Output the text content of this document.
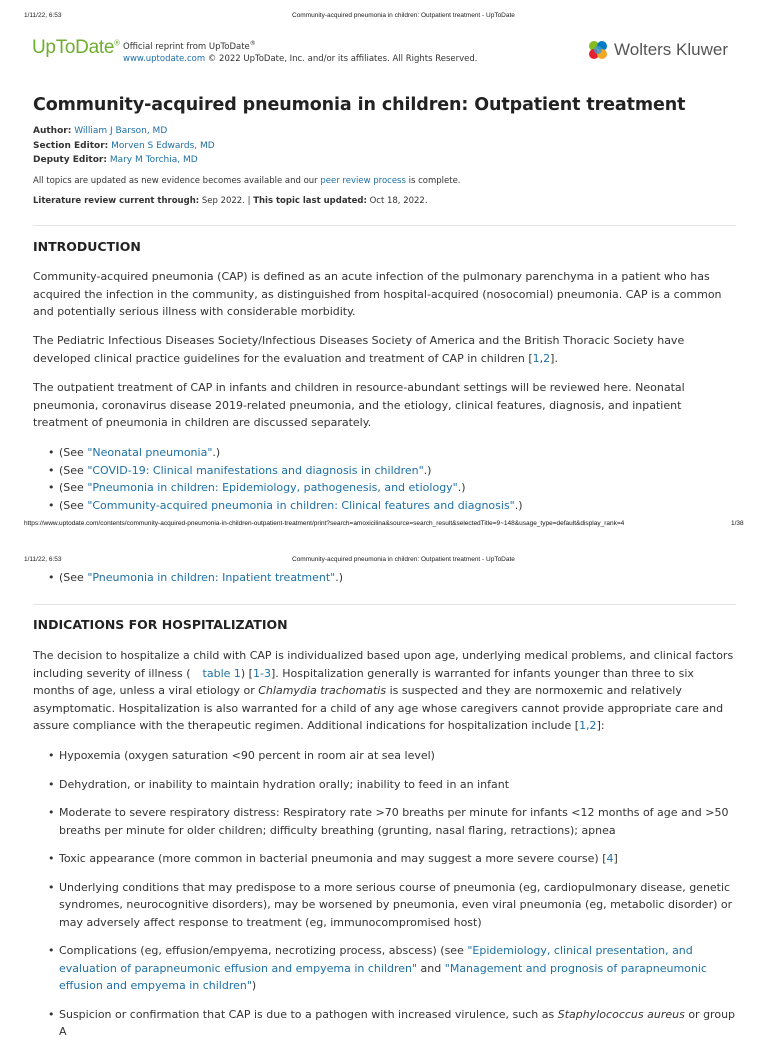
1/11/22, 6:53	Community-acquired pneumonia in children: Outpatient treatment - UpToDate
UpToDate® Official reprint from UpToDate®
www.uptodate.com © 2022 UpToDate, Inc. and/or its affiliates. All Rights Reserved.	Wolters Kluwer
Community-acquired pneumonia in children: Outpatient treatment
Author: William J Barson, MD
Section Editor: Morven S Edwards, MD
Deputy Editor: Mary M Torchia, MD
All topics are updated as new evidence becomes available and our peer review process is complete.
Literature review current through: Sep 2022. | This topic last updated: Oct 18, 2022.
INTRODUCTION

Community-acquired pneumonia (CAP) is defined as an acute infection of the pulmonary parenchyma in a patient who has acquired the infection in the community, as distinguished from hospital-acquired (nosocomial) pneumonia. CAP is a common and potentially serious illness with considerable morbidity.

The Pediatric Infectious Diseases Society/Infectious Diseases Society of America and the British Thoracic Society have developed clinical practice guidelines for the evaluation and treatment of CAP in children [1,2].

The outpatient treatment of CAP in infants and children in resource-abundant settings will be reviewed here. Neonatal pneumonia, coronavirus disease 2019-related pneumonia, and the etiology, clinical features, diagnosis, and inpatient treatment of pneumonia in children are discussed separately.

• (See "Neonatal pneumonia".)
• (See "COVID-19: Clinical manifestations and diagnosis in children".)
• (See "Pneumonia in children: Epidemiology, pathogenesis, and etiology".)
• (See "Community-acquired pneumonia in children: Clinical features and diagnosis".)
https://www.uptodate.com/contents/community-acquired-pneumonia-in-children-outpatient-treatment/print?search=amoxicilina&source=search_result&selectedTitle=9~148&usage_type=default&display_rank=4	1/38
1/11/22, 6:53	Community-acquired pneumonia in children: Outpatient treatment - UpToDate
• (See "Pneumonia in children: Inpatient treatment".)
INDICATIONS FOR HOSPITALIZATION

The decision to hospitalize a child with CAP is individualized based upon age, underlying medical problems, and clinical factors including severity of illness ( table 1) [1-3]. Hospitalization generally is warranted for infants younger than three to six months of age, unless a viral etiology or Chlamydia trachomatis is suspected and they are normoxemic and relatively asymptomatic. Hospitalization is also warranted for a child of any age whose caregivers cannot provide appropriate care and assure compliance with the therapeutic regimen. Additional indications for hospitalization include [1,2]:

• Hypoxemia (oxygen saturation <90 percent in room air at sea level)
• Dehydration, or inability to maintain hydration orally; inability to feed in an infant
• Moderate to severe respiratory distress: Respiratory rate >70 breaths per minute for infants <12 months of age and >50 breaths per minute for older children; difficulty breathing (grunting, nasal flaring, retractions); apnea
• Toxic appearance (more common in bacterial pneumonia and may suggest a more severe course) [4]
• Underlying conditions that may predispose to a more serious course of pneumonia (eg, cardiopulmonary disease, genetic syndromes, neurocognitive disorders), may be worsened by pneumonia, even viral pneumonia (eg, metabolic disorder) or may adversely affect response to treatment (eg, immunocompromised host)
• Complications (eg, effusion/empyema, necrotizing process, abscess) (see "Epidemiology, clinical presentation, and evaluation of parapneumonic effusion and empyema in children" and "Management and prognosis of parapneumonic effusion and empyema in children")
• Suspicion or confirmation that CAP is due to a pathogen with increased virulence, such as Staphylococcus aureus or group A
